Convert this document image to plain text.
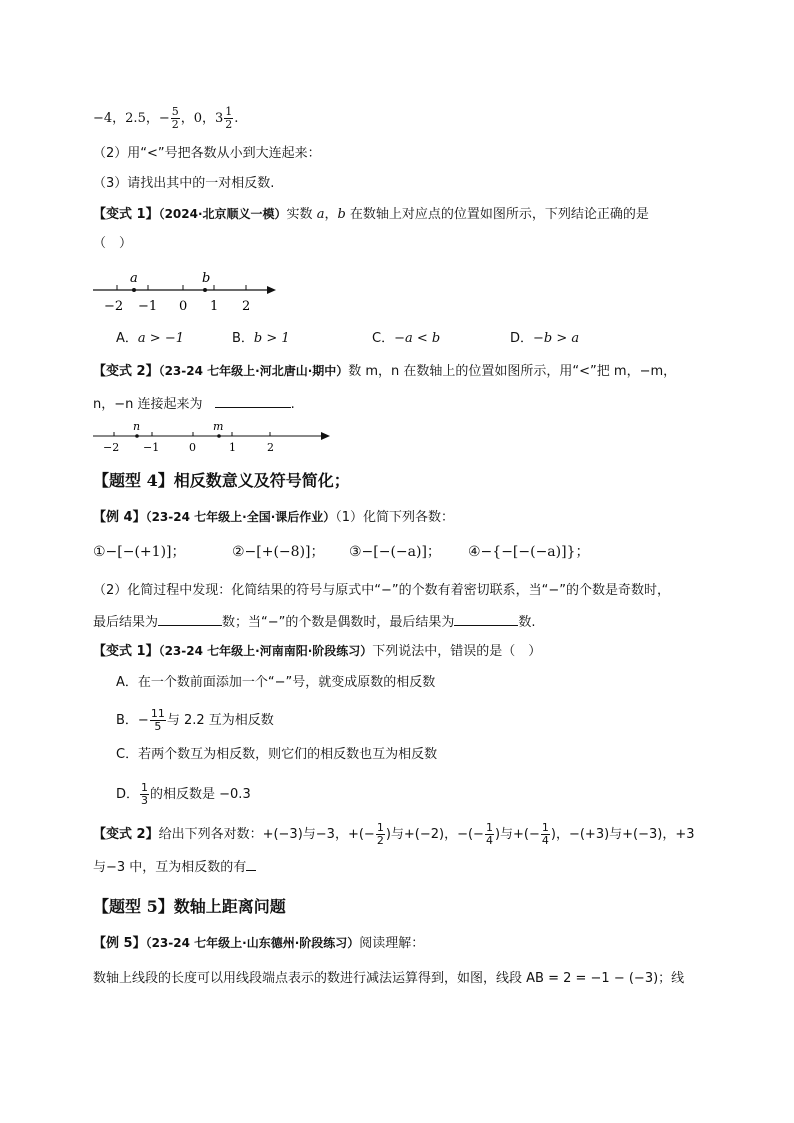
−4，2.5，− $\frac{5}{2}$ ，0，$3 \frac{1}{2}$ .
（2）用“<”号把各数从小到大连起来：
（3）请找出其中的一对相反数.
【变式 1】（2024·北京顺义一模）实数 a，b 在数轴上对应点的位置如图所示，下列结论正确的是
（　）
−2 −1 0 1 2
a	b
A．a > −1	B．b > 1	C．−a < b	D．−b > a
【变式 2】（23-24 七年级上·河北唐山·期中）数 m，n 在数轴上的位置如图所示，用“<”把 m，−m，
n，−n 连接起来为	.
−2 −1	0	1	2
n	m
【题型 4】相反数意义及符号简化；
【例 4】（23-24 七年级上·全国·课后作业）（1）化简下列各数：
①−[−(+1)]；	②−[+(−8)]； ③−[−(−a)]； ④−{−[−(−a)]}；
（2）化简过程中发现：化简结果的符号与原式中“−”的个数有着密切联系，当“−”的个数是奇数时，
最后结果为	数；当“−”的个数是偶数时，最后结果为	数.
【变式 1】（23-24 七年级上·河南南阳·阶段练习）下列说法中，错误的是（　）
A．在一个数前面添加一个“−”号，就变成原数的相反数
B．− $\frac{11}{5}$ 与 2.2 互为相反数
C．若两个数互为相反数，则它们的相反数也互为相反数
D． $\frac{1}{3}$ 的相反数是 −0.3
【变式 2】给出下列各对数：+(−3)与−3，+(− $\frac{1}{2}$ )与+(−2)，−(− $\frac{1}{4}$ )与+(− $\frac{1}{4}$ )，−(+3)与+(−3)，+3
与−3 中，互为相反数的有
【题型 5】数轴上距离问题
【例 5】（23-24 七年级上·山东德州·阶段练习）阅读理解：
数轴上线段的长度可以用线段端点表示的数进行减法运算得到，如图，线段 AB = 2 = −1 − (−3)；线
